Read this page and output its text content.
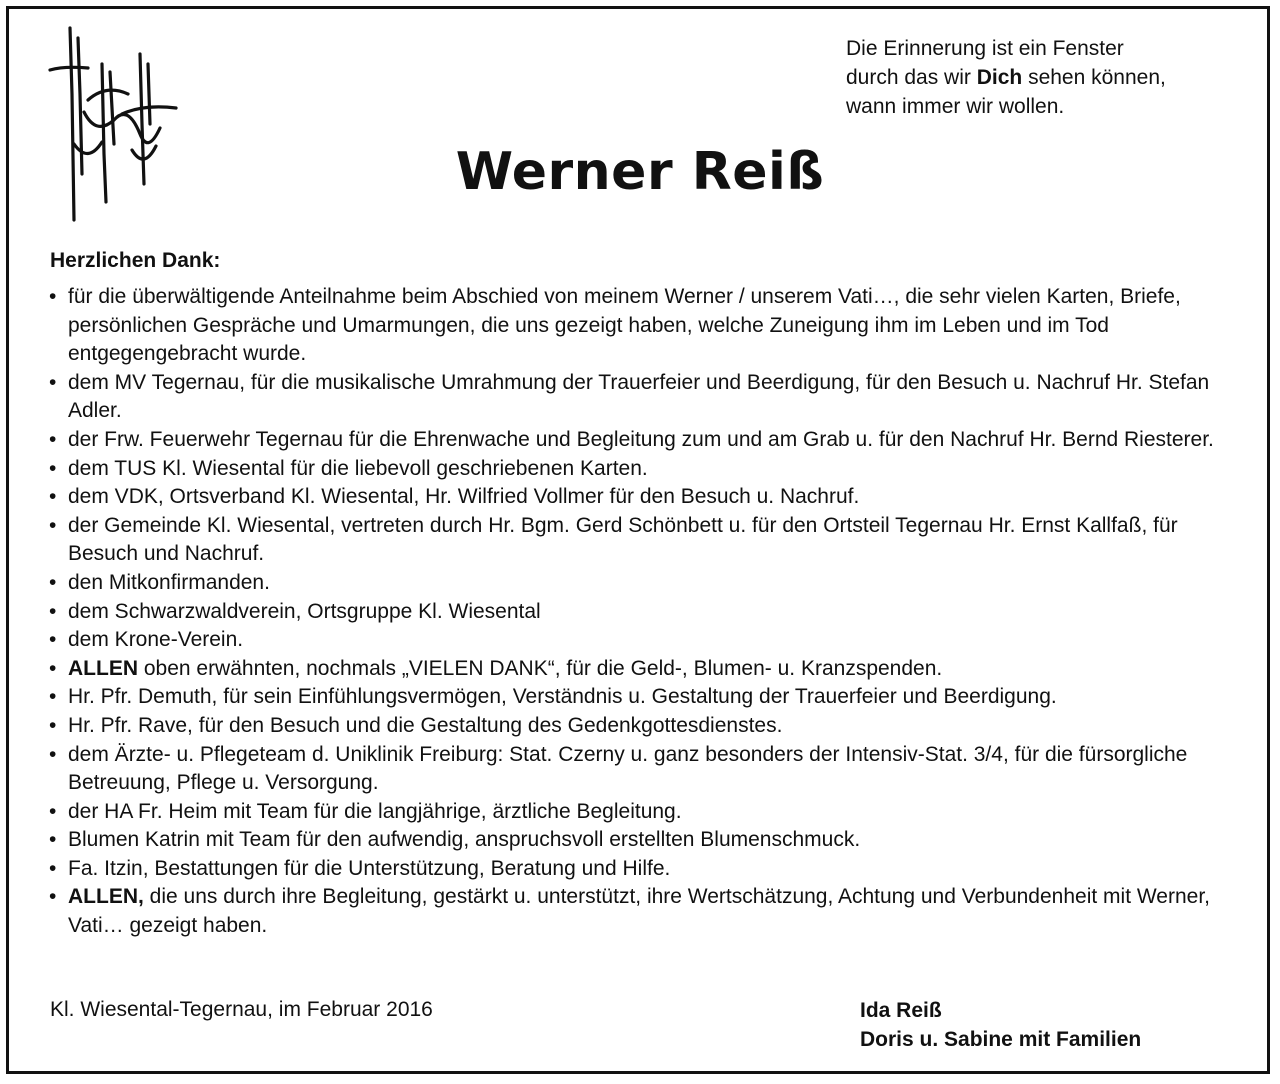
Die Erinnerung ist ein Fenster
durch das wir Dich sehen können,
wann immer wir wollen.
Werner Reiß
Herzlichen Dank:
• für die überwältigende Anteilnahme beim Abschied von meinem Werner / unserem Vati…, die sehr vielen Karten, Briefe, persönlichen Gespräche und Umarmungen, die uns gezeigt haben, welche Zuneigung ihm im Leben und im Tod entgegengebracht wurde.
• dem MV Tegernau, für die musikalische Umrahmung der Trauerfeier und Beerdigung, für den Besuch u. Nachruf Hr. Stefan Adler.
• der Frw. Feuerwehr Tegernau für die Ehrenwache und Begleitung zum und am Grab u. für den Nachruf Hr. Bernd Riesterer.
• dem TUS Kl. Wiesental für die liebevoll geschriebenen Karten.
• dem VDK, Ortsverband Kl. Wiesental, Hr. Wilfried Vollmer für den Besuch u. Nachruf.
• der Gemeinde Kl. Wiesental, vertreten durch Hr. Bgm. Gerd Schönbett u. für den Ortsteil Tegernau Hr. Ernst Kallfaß, für Besuch und Nachruf.
• den Mitkonfirmanden.
• dem Schwarzwaldverein, Ortsgruppe Kl. Wiesental
• dem Krone-Verein.
• ALLEN oben erwähnten, nochmals „VIELEN DANK“, für die Geld-, Blumen- u. Kranzspenden.
• Hr. Pfr. Demuth, für sein Einfühlungsvermögen, Verständnis u. Gestaltung der Trauerfeier und Beerdigung.
• Hr. Pfr. Rave, für den Besuch und die Gestaltung des Gedenkgottesdienstes.
• dem Ärzte- u. Pflegeteam d. Uniklinik Freiburg: Stat. Czerny u. ganz besonders der Intensiv-Stat. 3/4, für die fürsorgliche Betreuung, Pflege u. Versorgung.
• der HA Fr. Heim mit Team für die langjährige, ärztliche Begleitung.
• Blumen Katrin mit Team für den aufwendig, anspruchsvoll erstellten Blumenschmuck.
• Fa. Itzin, Bestattungen für die Unterstützung, Beratung und Hilfe.
• ALLEN, die uns durch ihre Begleitung, gestärkt u. unterstützt, ihre Wertschätzung, Achtung und Verbundenheit mit Werner, Vati… gezeigt haben.
Kl. Wiesental-Tegernau, im Februar 2016	Ida Reiß
Doris u. Sabine mit Familien
